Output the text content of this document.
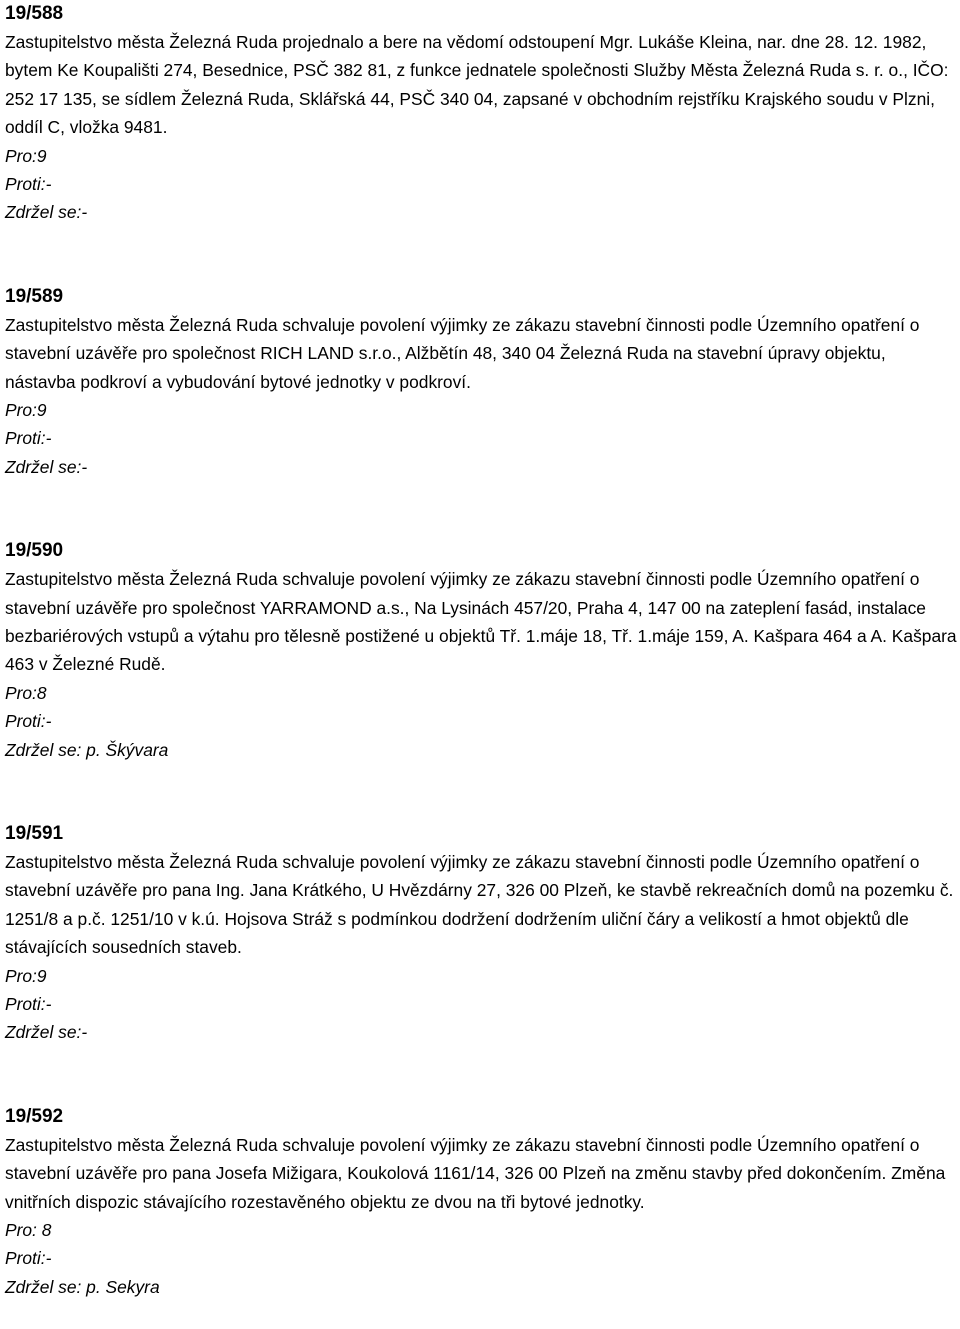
19/588

Zastupitelstvo města Železná Ruda projednalo a bere na vědomí odstoupení Mgr. Lukáše Kleina, nar. dne 28. 12. 1982, bytem Ke Koupališti 274, Besednice, PSČ 382 81, z funkce jednatele společnosti Služby Města Železná Ruda s. r. o., IČO: 252 17 135, se sídlem Železná Ruda, Sklářská 44, PSČ 340 04, zapsané v obchodním rejstříku Krajského soudu v Plzni, oddíl C, vložka 9481.

Pro:9
Proti:-
Zdržel se:-
19/589

Zastupitelstvo města Železná Ruda schvaluje povolení výjimky ze zákazu stavební činnosti podle Územního opatření o stavební uzávěře pro společnost RICH LAND s.r.o., Alžbětín 48, 340 04 Železná Ruda na stavební úpravy objektu, nástavba podkroví a vybudování bytové jednotky v podkroví.

Pro:9
Proti:-
Zdržel se:-
19/590

Zastupitelstvo města Železná Ruda schvaluje povolení výjimky ze zákazu stavební činnosti podle Územního opatření o stavební uzávěře pro společnost YARRAMOND a.s., Na Lysinách 457/20, Praha 4, 147 00 na zateplení fasád, instalace bezbariérových vstupů a výtahu pro tělesně postižené u objektů Tř. 1.máje 18, Tř. 1.máje 159, A. Kašpara 464 a A. Kašpara 463 v Železné Rudě.

Pro:8
Proti:-
Zdržel se: p. Škývara
19/591

Zastupitelstvo města Železná Ruda schvaluje povolení výjimky ze zákazu stavební činnosti podle Územního opatření o stavební uzávěře pro pana Ing. Jana Krátkého, U Hvězdárny 27, 326 00 Plzeň, ke stavbě rekreačních domů na pozemku č. 1251/8 a p.č. 1251/10 v k.ú. Hojsova Stráž s podmínkou dodržení dodržením uliční čáry a velikostí a hmot objektů dle stávajících sousedních staveb.

Pro:9
Proti:-
Zdržel se:-
19/592

Zastupitelstvo města Železná Ruda schvaluje povolení výjimky ze zákazu stavební činnosti podle Územního opatření o stavební uzávěře pro pana Josefa Mižigara, Koukolová 1161/14, 326 00 Plzeň na změnu stavby před dokončením. Změna vnitřních dispozic stávajícího rozestavěného objektu ze dvou na tři bytové jednotky.

Pro: 8
Proti:-
Zdržel se: p. Sekyra
